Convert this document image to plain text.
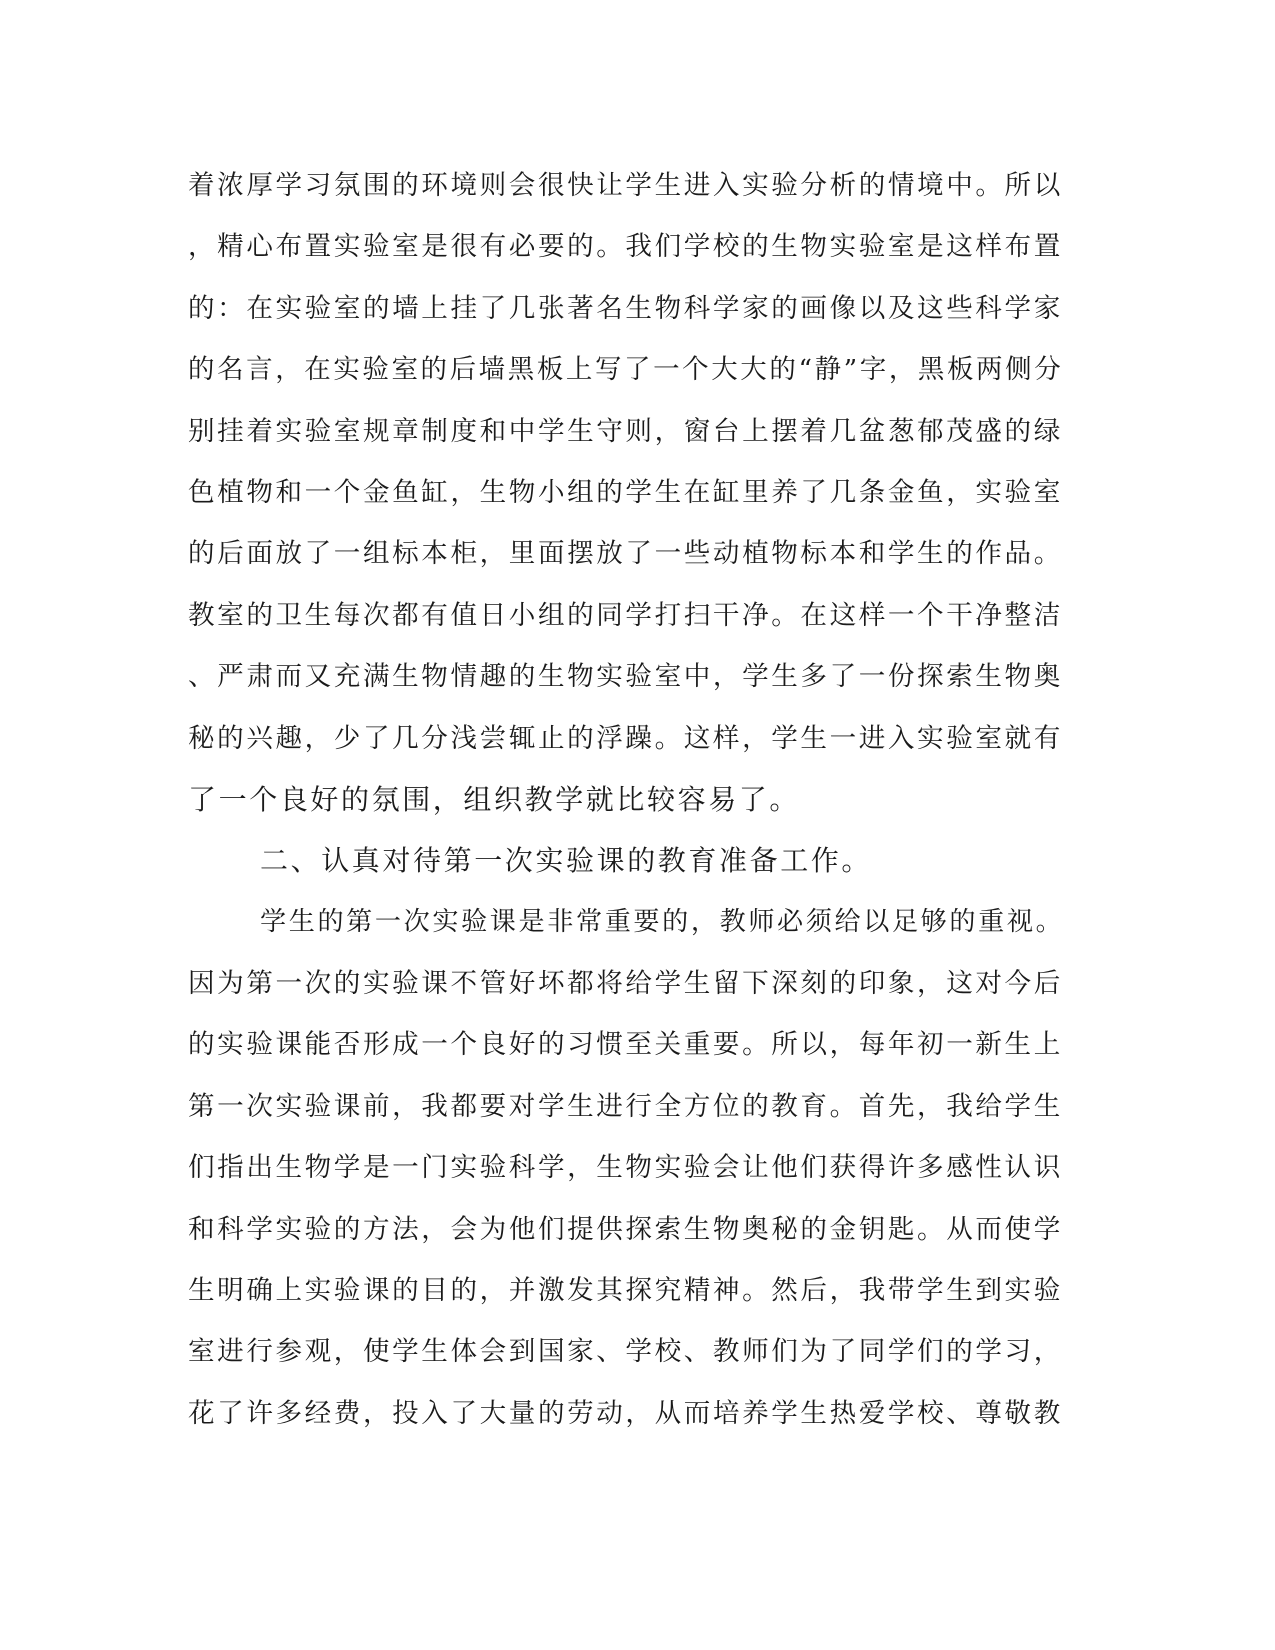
着浓厚学习氛围的环境则会很快让学生进入实验分析的情境中。所以
，精心布置实验室是很有必要的。我们学校的生物实验室是这样布置
的：在实验室的墙上挂了几张著名生物科学家的画像以及这些科学家
的名言，在实验室的后墙黑板上写了一个大大的“静”字，黑板两侧分
别挂着实验室规章制度和中学生守则，窗台上摆着几盆葱郁茂盛的绿
色植物和一个金鱼缸，生物小组的学生在缸里养了几条金鱼，实验室
的后面放了一组标本柜，里面摆放了一些动植物标本和学生的作品。
教室的卫生每次都有值日小组的同学打扫干净。在这样一个干净整洁
、严肃而又充满生物情趣的生物实验室中，学生多了一份探索生物奥
秘的兴趣，少了几分浅尝辄止的浮躁。这样，学生一进入实验室就有
了一个良好的氛围，组织教学就比较容易了。
二、认真对待第一次实验课的教育准备工作。
学生的第一次实验课是非常重要的，教师必须给以足够的重视。
因为第一次的实验课不管好坏都将给学生留下深刻的印象，这对今后
的实验课能否形成一个良好的习惯至关重要。所以，每年初一新生上
第一次实验课前，我都要对学生进行全方位的教育。首先，我给学生
们指出生物学是一门实验科学，生物实验会让他们获得许多感性认识
和科学实验的方法，会为他们提供探索生物奥秘的金钥匙。从而使学
生明确上实验课的目的，并激发其探究精神。然后，我带学生到实验
室进行参观，使学生体会到国家、学校、教师们为了同学们的学习，
花了许多经费，投入了大量的劳动，从而培养学生热爱学校、尊敬教
